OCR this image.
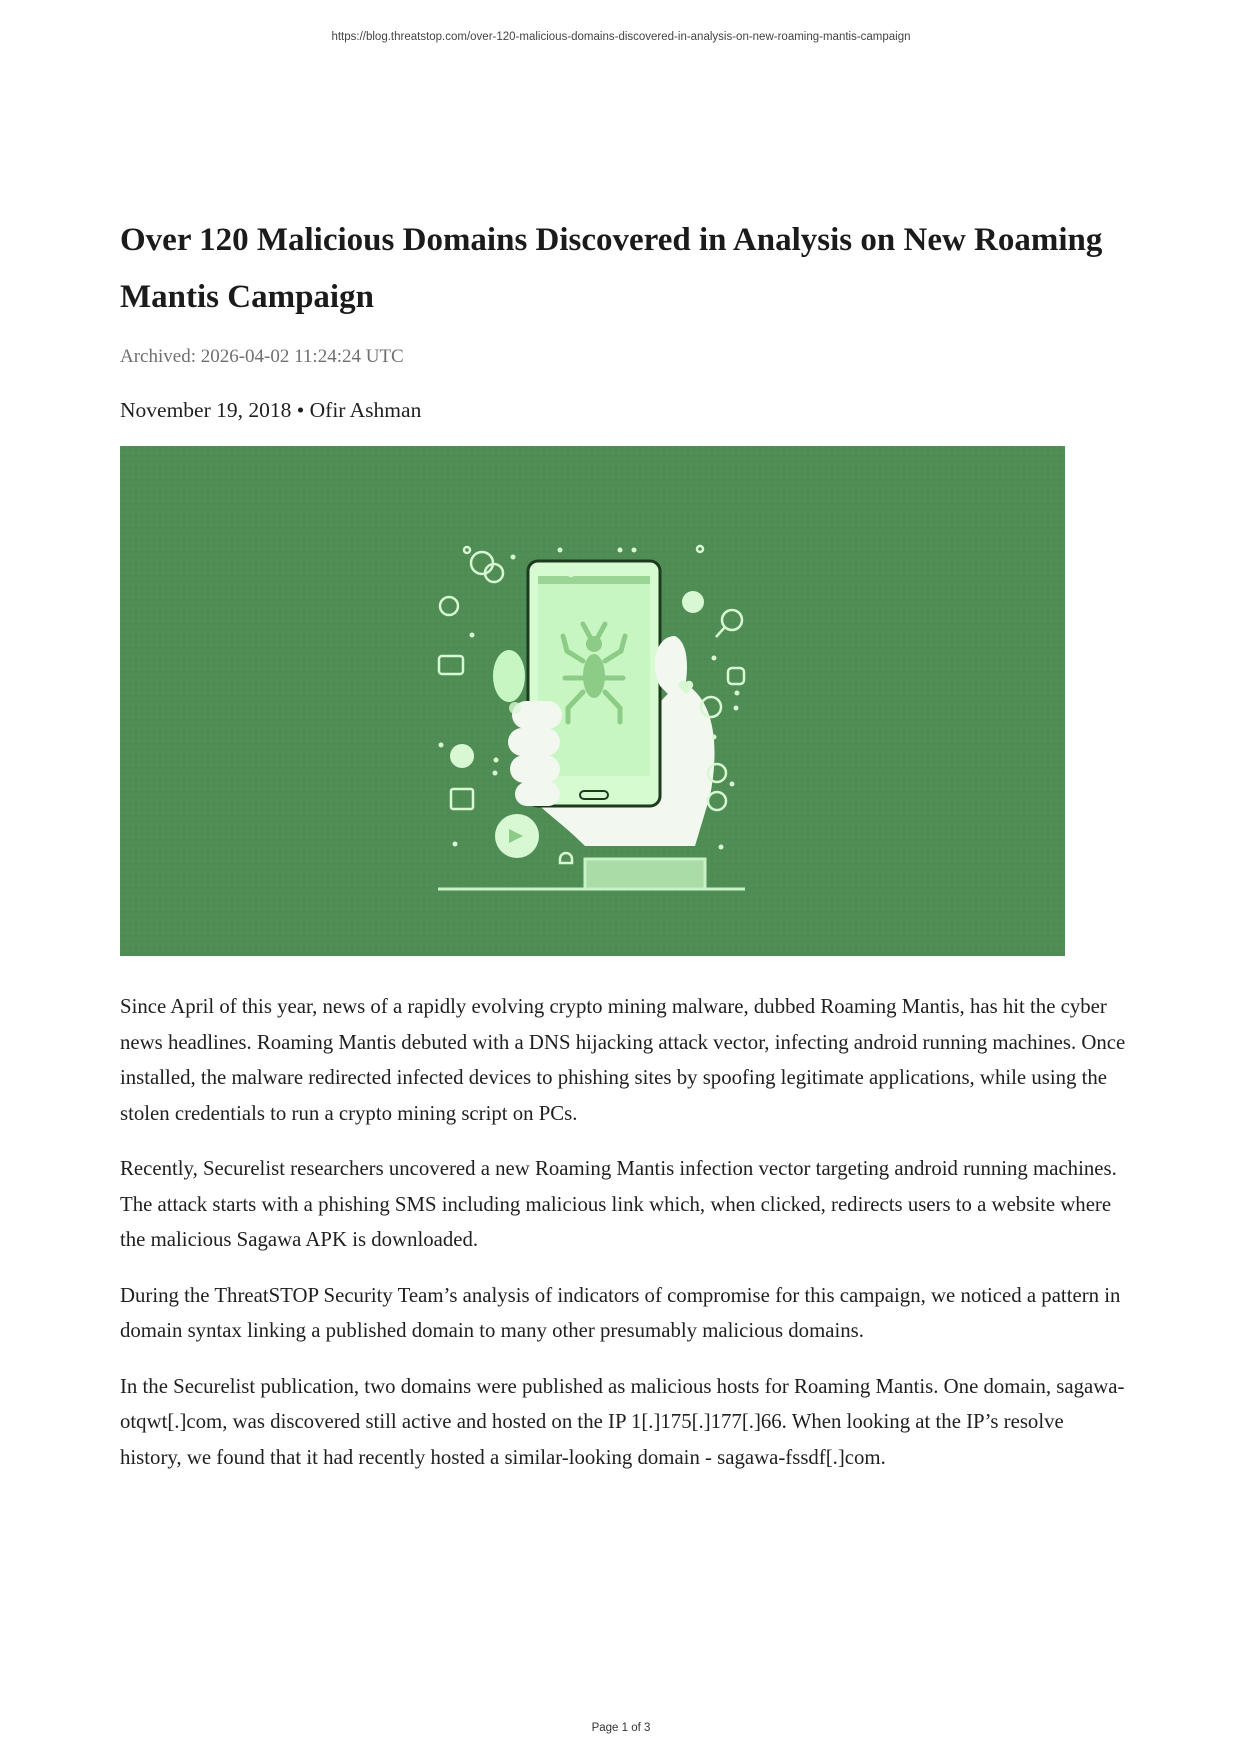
https://blog.threatstop.com/over-120-malicious-domains-discovered-in-analysis-on-new-roaming-mantis-campaign
Over 120 Malicious Domains Discovered in Analysis on New Roaming Mantis Campaign
Archived: 2026-04-02 11:24:24 UTC
November 19, 2018 • Ofir Ashman

Since April of this year, news of a rapidly evolving crypto mining malware, dubbed Roaming Mantis, has hit the cyber news headlines. Roaming Mantis debuted with a DNS hijacking attack vector, infecting android running machines. Once installed, the malware redirected infected devices to phishing sites by spoofing legitimate applications, while using the stolen credentials to run a crypto mining script on PCs.

Recently, Securelist researchers uncovered a new Roaming Mantis infection vector targeting android running machines. The attack starts with a phishing SMS including malicious link which, when clicked, redirects users to a website where the malicious Sagawa APK is downloaded.

During the ThreatSTOP Security Team’s analysis of indicators of compromise for this campaign, we noticed a pattern in domain syntax linking a published domain to many other presumably malicious domains.

In the Securelist publication, two domains were published as malicious hosts for Roaming Mantis. One domain, sagawa-otqwt[.]com, was discovered still active and hosted on the IP 1[.]175[.]177[.]66. When looking at the IP’s resolve history, we found that it had recently hosted a similar-looking domain - sagawa-fssdf[.]com.

Page 1 of 3
